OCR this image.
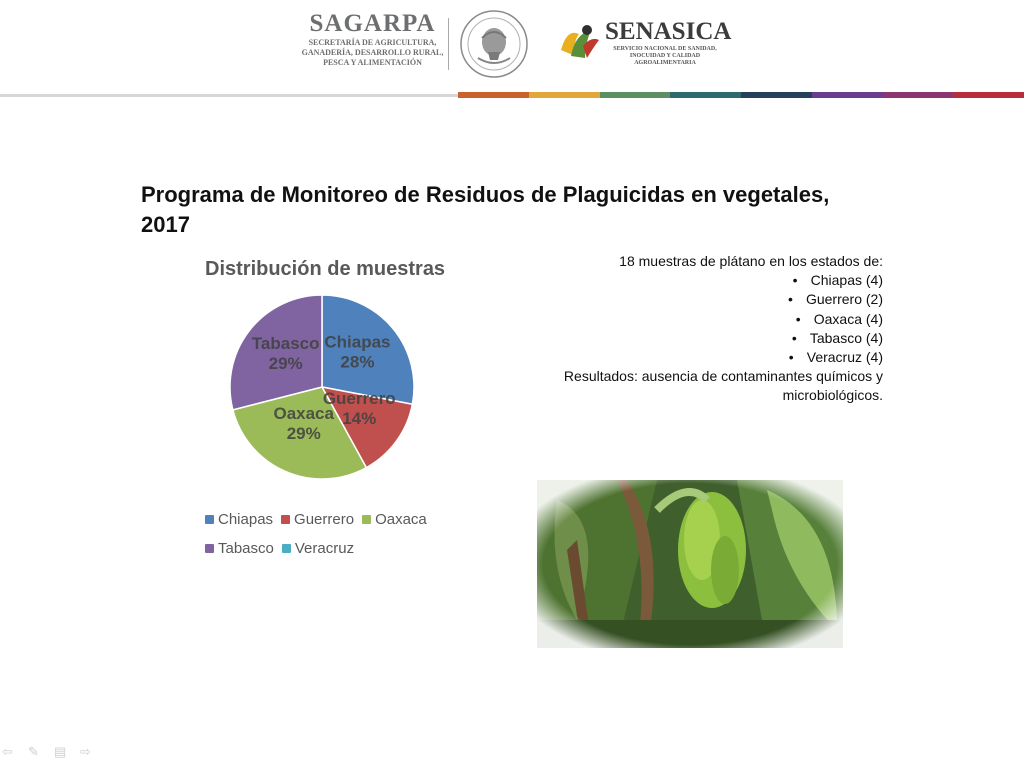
SAGARPA
SECRETARÍA DE AGRICULTURA,
GANADERÍA, DESARROLLO RURAL,
PESCA Y ALIMENTACIÓN
SENASICA
SERVICIO NACIONAL DE SANIDAD,
INOCUIDAD Y CALIDAD
AGROALIMENTARIA
Programa de Monitoreo de Residuos de Plaguicidas en vegetales, 2017
Distribución de muestras
Chiapas 28%
Guerrero 14%
Oaxaca 29%
Tabasco 29%
Chiapas Guerrero Oaxaca
Tabasco Veracruz
18 muestras de plátano en los estados de:
• Chiapas (4)
• Guerrero (2)
• Oaxaca (4)
• Tabasco (4)
• Veracruz (4)
Resultados: ausencia de contaminantes químicos y microbiológicos.
⇦ ✎ ▤ ⇨
